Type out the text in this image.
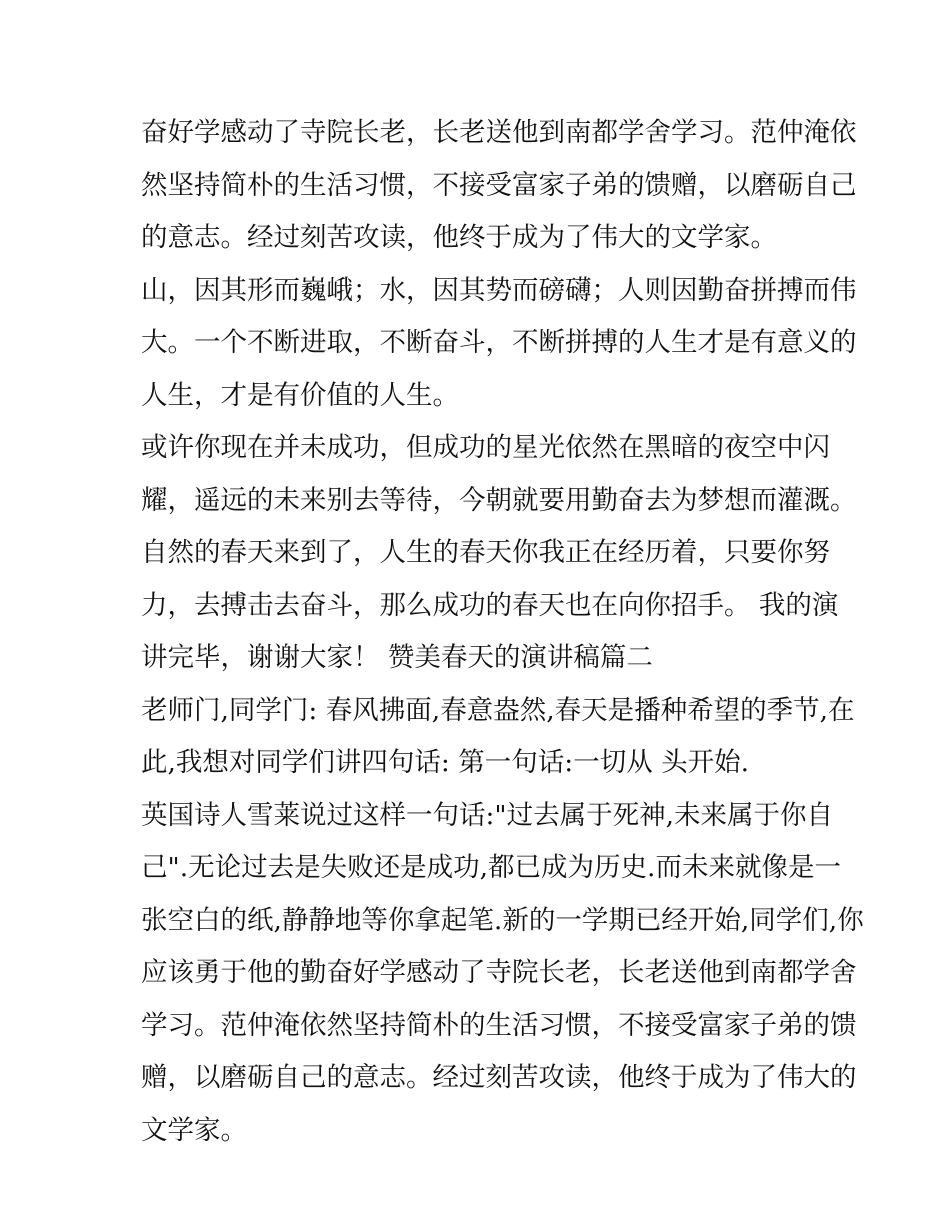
奋好学感动了寺院长老，长老送他到南都学舍学习。范仲淹依
然坚持简朴的生活习惯，不接受富家子弟的馈赠，以磨砺自己
的意志。经过刻苦攻读，他终于成为了伟大的文学家。
山，因其形而巍峨；水，因其势而磅礴；人则因勤奋拼搏而伟
大。一个不断进取，不断奋斗，不断拼搏的人生才是有意义的
人生，才是有价值的人生。
或许你现在并未成功，但成功的星光依然在黑暗的夜空中闪
耀，遥远的未来别去等待，今朝就要用勤奋去为梦想而灌溉。
自然的春天来到了，人生的春天你我正在经历着，只要你努
力，去搏击去奋斗，那么成功的春天也在向你招手。 我的演
讲完毕，谢谢大家！ 赞美春天的演讲稿篇二
老师门,同学门: 春风拂面,春意盎然,春天是播种希望的季节,在
此,我想对同学们讲四句话: 第一句话:一切从 头开始.
英国诗人雪莱说过这样一句话:"过去属于死神,未来属于你自
己".无论过去是失败还是成功,都已成为历史.而未来就像是一
张空白的纸,静静地等你拿起笔.新的一学期已经开始,同学们,你
应该勇于他的勤奋好学感动了寺院长老，长老送他到南都学舍
学习。范仲淹依然坚持简朴的生活习惯，不接受富家子弟的馈
赠，以磨砺自己的意志。经过刻苦攻读，他终于成为了伟大的
文学家。
